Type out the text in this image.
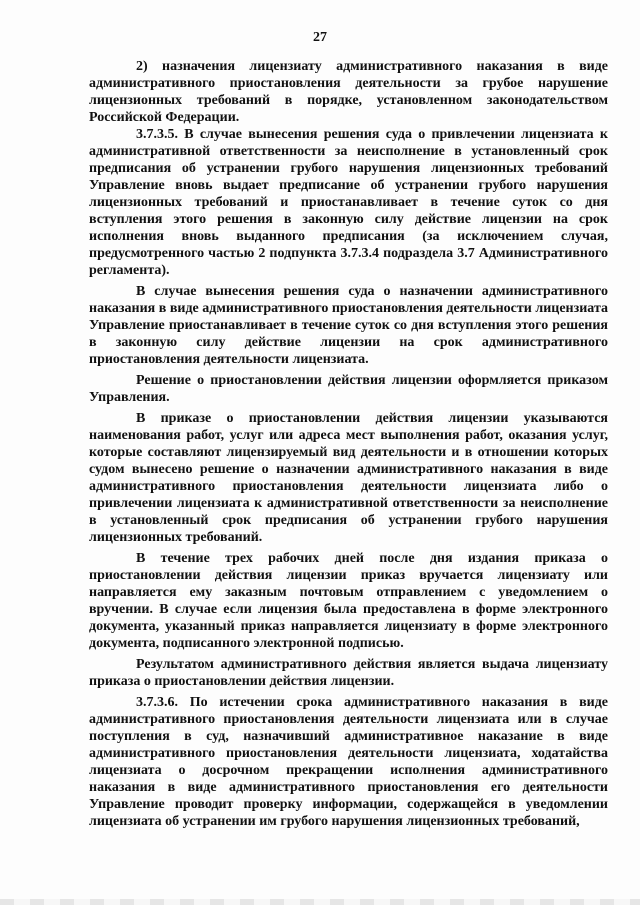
27

2) назначения лицензиату административного наказания в виде административного приостановления деятельности за грубое нарушение лицензионных требований в порядке, установленном законодательством Российской Федерации.

3.7.3.5. В случае вынесения решения суда о привлечении лицензиата к административной ответственности за неисполнение в установленный срок предписания об устранении грубого нарушения лицензионных требований Управление вновь выдает предписание об устранении грубого нарушения лицензионных требований и приостанавливает в течение суток со дня вступления этого решения в законную силу действие лицензии на срок исполнения вновь выданного предписания (за исключением случая, предусмотренного частью 2 подпункта 3.7.3.4 подраздела 3.7 Административного регламента).

В случае вынесения решения суда о назначении административного наказания в виде административного приостановления деятельности лицензиата Управление приостанавливает в течение суток со дня вступления этого решения в законную силу действие лицензии на срок административного приостановления деятельности лицензиата.

Решение о приостановлении действия лицензии оформляется приказом Управления.

В приказе о приостановлении действия лицензии указываются наименования работ, услуг или адреса мест выполнения работ, оказания услуг, которые составляют лицензируемый вид деятельности и в отношении которых судом вынесено решение о назначении административного наказания в виде административного приостановления деятельности лицензиата либо о привлечении лицензиата к административной ответственности за неисполнение в установленный срок предписания об устранении грубого нарушения лицензионных требований.

В течение трех рабочих дней после дня издания приказа о приостановлении действия лицензии приказ вручается лицензиату или направляется ему заказным почтовым отправлением с уведомлением о вручении. В случае если лицензия была предоставлена в форме электронного документа, указанный приказ направляется лицензиату в форме электронного документа, подписанного электронной подписью.

Результатом административного действия является выдача лицензиату приказа о приостановлении действия лицензии.

3.7.3.6. По истечении срока административного наказания в виде административного приостановления деятельности лицензиата или в случае поступления в суд, назначивший административное наказание в виде административного приостановления деятельности лицензиата, ходатайства лицензиата о досрочном прекращении исполнения административного наказания в виде административного приостановления его деятельности Управление проводит проверку информации, содержащейся в уведомлении лицензиата об устранении им грубого нарушения лицензионных требований,
